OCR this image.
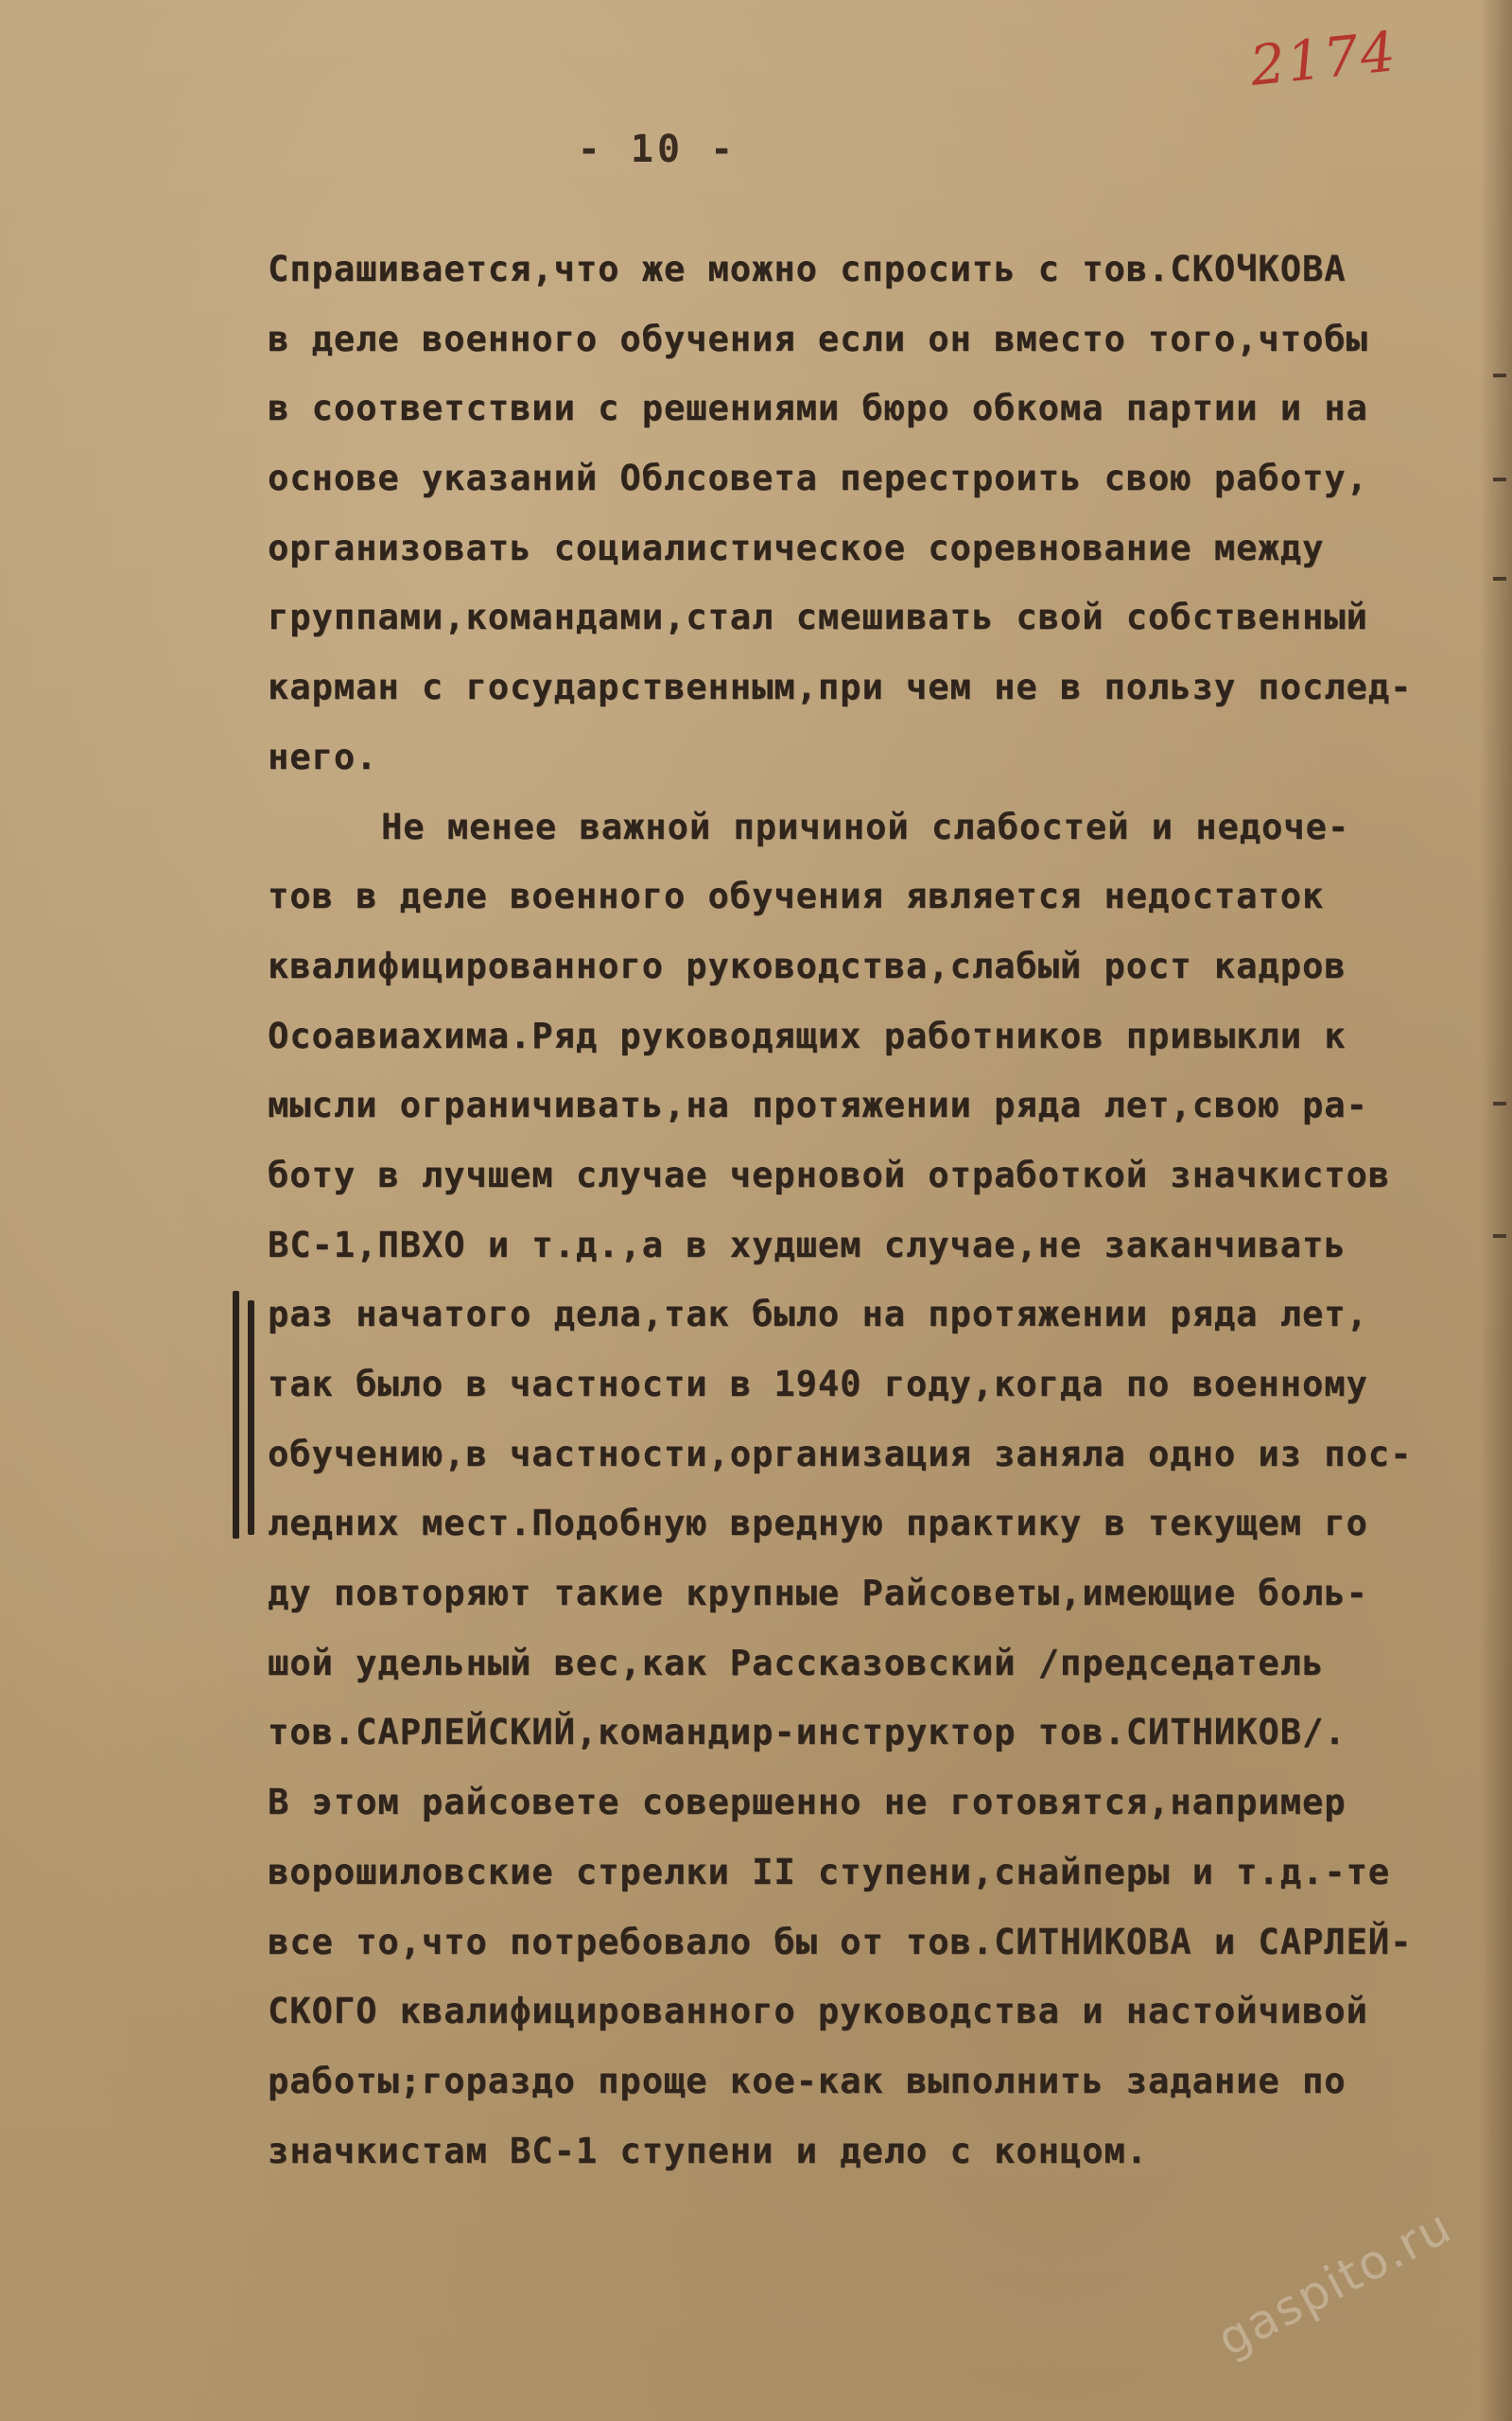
2174
- 10 -
Спрашивается,что же можно спросить с тов.СКОЧКОВА
в деле военного обучения если он вместо того,чтобы
в соответствии с решениями бюро обкома партии и на
основе указаний Облсовета перестроить свою работу,
организовать социалистическое соревнование между
группами,командами,стал смешивать свой собственный
карман с государственным,при чем не в пользу послед-
него.
Не менее важной причиной слабостей и недоче-
тов в деле военного обучения является недостаток
квалифицированного руководства,слабый рост кадров
Осоавиахима.Ряд руководящих работников привыкли к
мысли ограничивать,на протяжении ряда лет,свою ра-
боту в лучшем случае черновой отработкой значкистов
ВС-1,ПВХО и т.д.,а в худшем случае,не заканчивать
раз начатого дела,так было на протяжении ряда лет,
так было в частности в 1940 году,когда по военному
обучению,в частности,организация заняла одно из пос-
ледних мест.Подобную вредную практику в текущем го
ду повторяют такие крупные Райсоветы,имеющие боль-
шой удельный вес,как Рассказовский /председатель
тов.САРЛЕЙСКИЙ,командир-инструктор тов.СИТНИКОВ/.
В этом райсовете совершенно не готовятся,например
ворошиловские стрелки II ступени,снайперы и т.д.-те
все то,что потребовало бы от тов.СИТНИКОВА и САРЛЕЙ-
СКОГО квалифицированного руководства и настойчивой
работы;гораздо проще кое-как выполнить задание по
значкистам ВС-1 ступени и дело с концом.
gaspito.ru
